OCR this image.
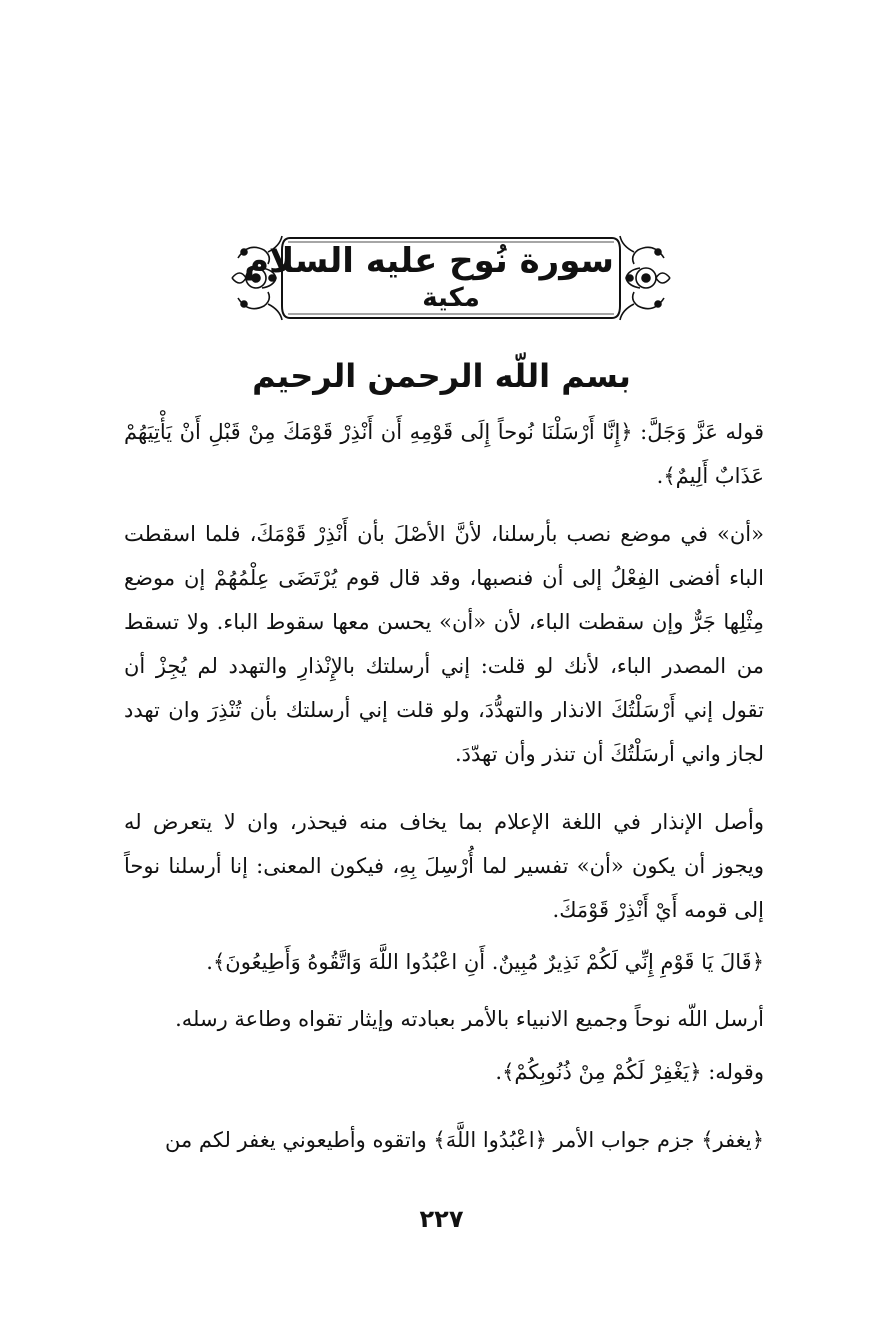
سورة نُوح عليه السلام
مكية
بسم اللّه الرحمن الرحيم
قوله عَزَّ وَجَلَّ: ﴿إِنَّا أَرْسَلْنَا نُوحاً إِلَى قَوْمِهِ أَن أَنْذِرْ قَوْمَكَ مِنْ قَبْلِ أَنْ يَأْتِيَهُمْ عَذَابٌ أَلِيمٌ﴾.
«أن» في موضع نصب بأرسلنا، لأنَّ الأصْلَ بأن أَنْذِرْ قَوْمَكَ، فلما اسقطت الباء أفضى الفِعْلُ إلى أن فنصبها، وقد قال قوم يُرْتَضَى عِلْمُهُمْ إن موضع مِثْلِها جَرٌّ وإن سقطت الباء، لأن «أن» يحسن معها سقوط الباء. ولا تسقط من المصدر الباء، لأنك لو قلت: إني أرسلتك بالإِنْذارِ والتهدد لم يُجِزْ أن تقول إني أَرْسَلْتُكَ الانذار والتهدُّدَ، ولو قلت إني أرسلتك بأن تُنْذِرَ وان تهدد لجاز واني أرسَلْتُكَ أن تنذر وأن تهدّدَ.
وأصل الإنذار في اللغة الإعلام بما يخاف منه فيحذر، وان لا يتعرض له ويجوز أن يكون «أن» تفسير لما أُرْسِلَ بِهِ، فيكون المعنى: إنا أرسلنا نوحاً إلى قومه أَيْ أَنْذِرْ قَوْمَكَ.
﴿قَالَ يَا قَوْمِ إِنِّي لَكُمْ نَذِيرٌ مُبِينٌ. أَنِ اعْبُدُوا اللَّهَ وَاتَّقُوهُ وَأَطِيعُونَ﴾.
أرسل اللّه نوحاً وجميع الانبياء بالأمر بعبادته وإيثار تقواه وطاعة رسله.
وقوله: ﴿يَغْفِرْ لَكُمْ مِنْ ذُنُوبِكُمْ﴾.
﴿يغفر﴾ جزم جواب الأمر ﴿اعْبُدُوا اللَّهَ﴾ واتقوه وأطيعوني يغفر لكم من
٢٢٧
